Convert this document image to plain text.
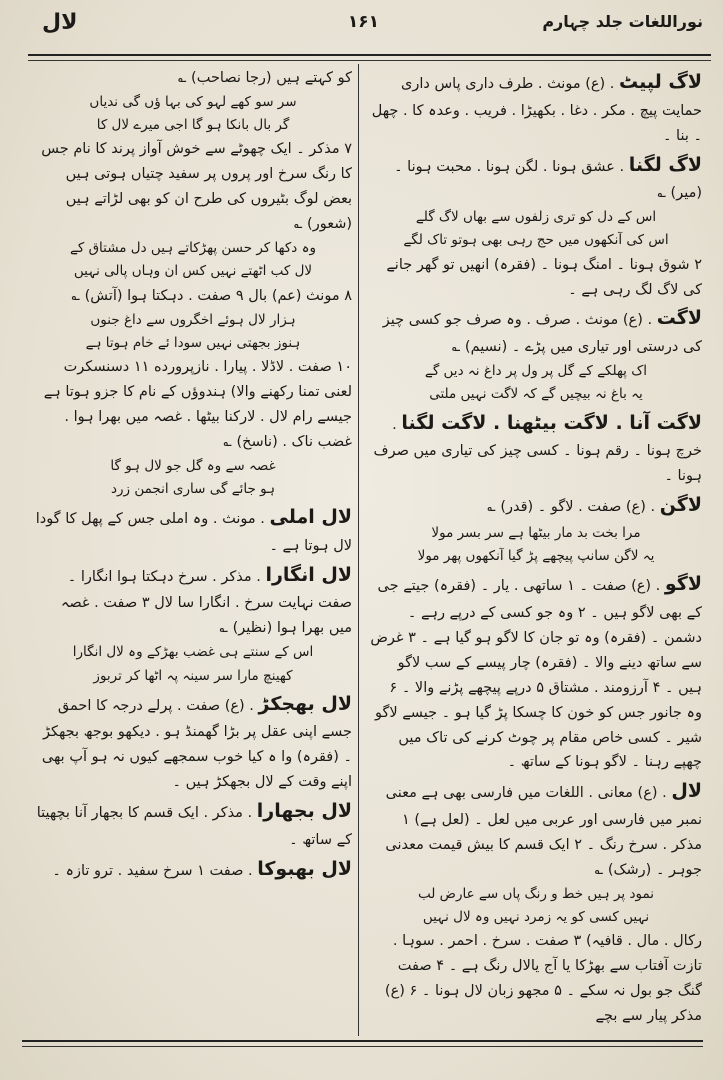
لال	۱۶۱	نوراللغات جلد چہارم

لاگ لپیٹ . (ع) مونث . طرف داری پاس داری حمایت پیچ . مکر . دغا . بکھیڑا . فریب . وعدہ کا . چھل ۔ بنا ۔

لاگ لگنا . عشق ہونا . لگن ہونا . محبت ہونا ۔ (میر) ؎

اس کے دل کو تری زلفوں سے بھاں لاگ گلے

اس کی آنکھوں میں حج رہی بھی ہوتو تاک لگے

۲ شوق ہونا ۔ امنگ ہونا ۔ (فقرہ) انھیں تو گھر جانے کی لاگ لگ رہی ہے ۔

لاگت . (ع) مونث . صرف . وہ صرف جو کسی چیز کی درستی اور تیاری میں پڑے ۔ (نسیم) ؎

اک پھلکے کے گل پر ول پر داغ نہ دیں گے

یہ باغ نہ بیچیں گے کہ لاگت نہیں ملتی

لاگت آنا . لاگت بیٹھنا . لاگت لگنا . خرچ ہونا ۔ رقم ہونا ۔ کسی چیز کی تیاری میں صرف ہونا ۔

لاگن . (ع) صفت . لاگو ۔ (قدر) ؎

مرا بخت بد مار بیٹھا ہے سر بسر مولا

یہ لاگن سانپ پیچھے پڑ گیا آنکھوں پھر مولا

لاگو . (ع) صفت ۔ ۱ ساتھی . یار ۔ (فقرہ) جیتے جی کے بھی لاگو ہیں ۔ ۲ وہ جو کسی کے درپے رہے ۔ دشمن ۔ (فقرہ) وہ تو جان کا لاگو ہو گیا ہے ۔ ۳ غرض سے ساتھ دینے والا ۔ (فقرہ) چار پیسے کے سب لاگو ہیں ۔ ۴ آرزومند . مشتاق ۵ درپے پیچھے پڑنے والا ۔ ۶ وہ جانور جس کو خون کا چسکا پڑ گیا ہو ۔ جیسے لاگو شیر ۔ کسی خاص مقام پر چوٹ کرنے کی تاک میں چھپے رہنا ۔ لاگو ہونا کے ساتھ ۔

لال . (ع) معانی . اللغات میں فارسی بھی ہے معنی نمبر میں فارسی اور عربی میں لعل ۔ (لعل ہے) ۱ مذکر . سرخ رنگ ۔ ۲ ایک قسم کا بیش قیمت معدنی جوہر ۔ (رشک) ؎

نمود پر ہیں خط و رنگ پاں سے عارض لب

نہیں کسی کو یہ زمرد نہیں وہ لال نہیں

رکال . مال . قافیہ) ۳ صفت . سرخ . احمر . سوہا . تازت آفتاب سے بھڑکا یا آج یالال رنگ ہے ۔ ۴ صفت گنگ جو بول نہ سکے ۔ ۵ مجھو زبان لال ہونا ۔ ۶ (ع) مذکر پیار سے بچے

کو کہتے ہیں (رجا نصاحب) ؎

سر سو کھے لہو کی بہا ؤں گی ندیاں

گر بال بانکا ہو گا اجی میرے لال کا

۷ مذکر ۔ ایک چھوٹے سے خوش آواز پرند کا نام جس کا رنگ سرخ اور پروں پر سفید چتیاں ہوتی ہیں بعض لوگ بٹیروں کی طرح ان کو بھی لڑاتے ہیں (شعور) ؎

وہ دکھا کر حسن پھڑکاتے ہیں دل مشتاق کے

لال کب اٹھتے نہیں کس ان وہاں پالی نہیں

۸ مونث (عم) بال ۹ صفت . دہکتا ہوا (آتش) ؎

ہزار لال ہوئے اخگروں سے داغ جنوں

ہنوز بجھتی نہیں سودا ئے خام ہوتا ہے

۱۰ صفت . لاڈلا . پیارا . نازپرورده ۱۱ دسنسکرت لعنی تمنا رکھنے والا) ہندوؤں کے نام کا جزو ہوتا ہے جیسے رام لال . لارکنا بیٹھا . غصہ میں بھرا ہوا . غضب ناک . (ناسخ) ؎

غصہ سے وہ گل جو لال ہو گا

ہو جائے گی ساری انجمن زرد

لال املی . مونث . وہ املی جس کے پھل کا گودا لال ہوتا ہے ۔

لال انگارا . مذکر . سرخ دہکتا ہوا انگارا ۔ صفت نہایت سرخ . انگارا سا لال ۳ صفت . غصہ میں بھرا ہوا (نظیر) ؎

اس کے سنتے ہی غضب بھڑکے وہ لال انگارا

کھینچ مارا سر سینہ پہ اٹھا کر تربوز

لال بھجکڑ . (ع) صفت . پرلے درجہ کا احمق جسے اپنی عقل پر بڑا گھمنڈ ہو . دیکھو بوجھ بجھکڑ ۔ (فقرہ) وا ہ کیا خوب سمجھے کیوں نہ ہو آپ بھی اپنے وقت کے لال بجھکڑ ہیں ۔

لال بجھارا . مذکر . ایک قسم کا بجھار آنا بچھیتا کے ساتھ ۔

لال بھبوکا . صفت ۱ سرخ سفید . ترو تازہ ۔
